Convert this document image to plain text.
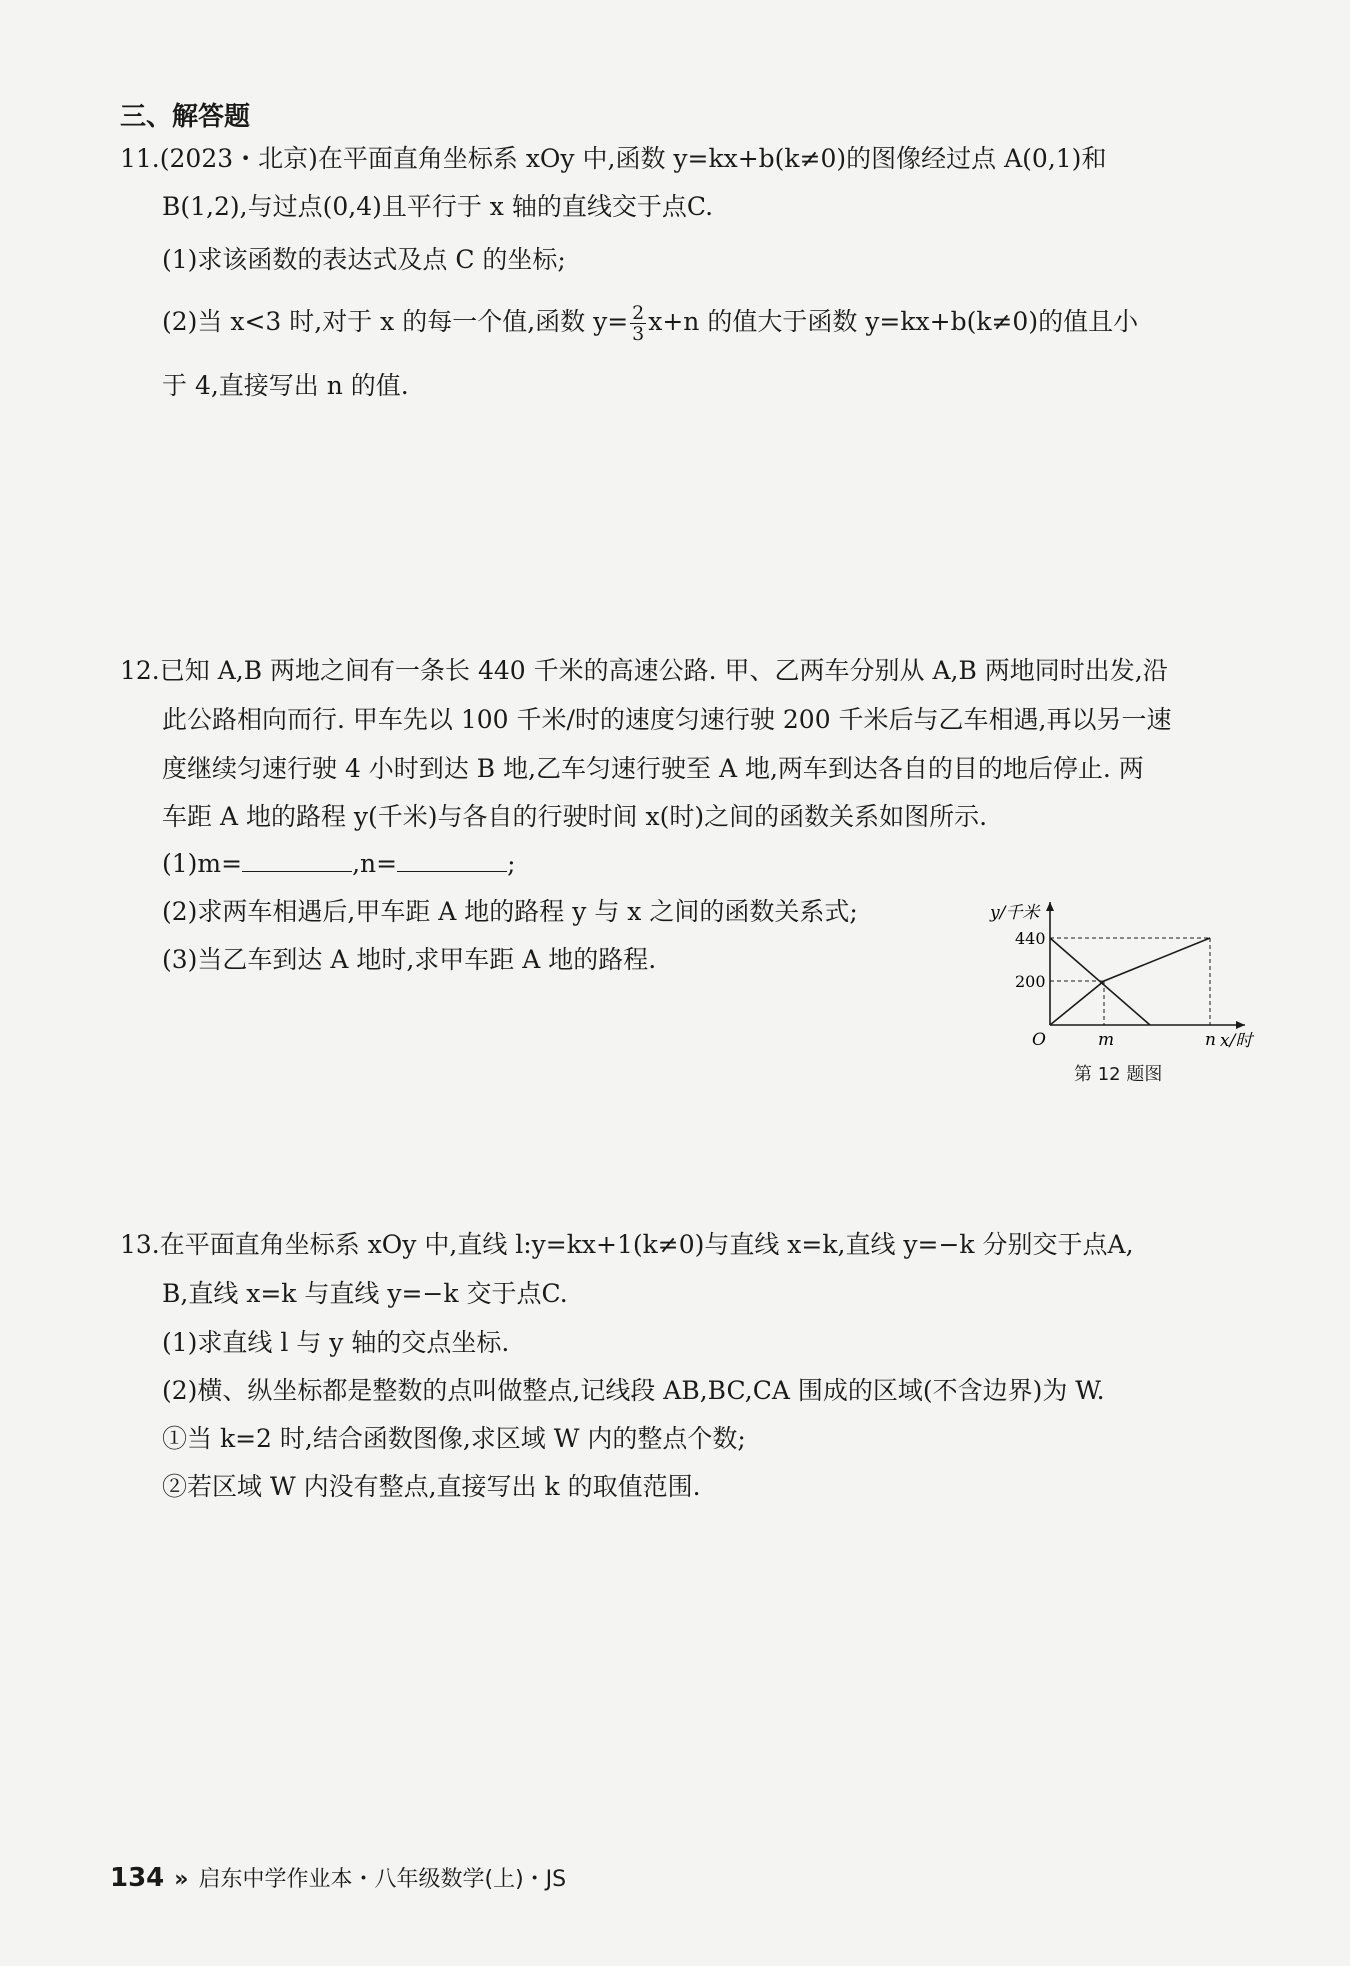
三、解答题
11.(2023・北京)在平面直角坐标系 xOy 中,函数 y=kx+b(k≠0)的图像经过点 A(0,1)和
B(1,2),与过点(0,4)且平行于 x 轴的直线交于点C.
(1)求该函数的表达式及点 C 的坐标;
(2)当 x<3 时,对于 x 的每一个值,函数 $y= \frac{2}{3} x+n$ 的值大于函数 y=kx+b(k≠0)的值且小
于 4,直接写出 n 的值.
12.已知 A,B 两地之间有一条长 440 千米的高速公路. 甲、乙两车分别从 A,B 两地同时出发,沿
此公路相向而行. 甲车先以 100 千米/时的速度匀速行驶 200 千米后与乙车相遇,再以另一速
度继续匀速行驶 4 小时到达 B 地,乙车匀速行驶至 A 地,两车到达各自的目的地后停止. 两
车距 A 地的路程 y(千米)与各自的行驶时间 x(时)之间的函数关系如图所示.
(1)m=	,n=	;
(2)求两车相遇后,甲车距 A 地的路程 y 与 x 之间的函数关系式;
(3)当乙车到达 A 地时,求甲车距 A 地的路程.
y/千米
x/时
O
440
200
m	n
第 12 题图
13.在平面直角坐标系 xOy 中,直线 l:y=kx+1(k≠0)与直线 x=k,直线 y=−k 分别交于点A,
B,直线 x=k 与直线 y=−k 交于点C.
(1)求直线 l 与 y 轴的交点坐标.
(2)横、纵坐标都是整数的点叫做整点,记线段 AB,BC,CA 围成的区域(不含边界)为 W.
①当 k=2 时,结合函数图像,求区域 W 内的整点个数;
②若区域 W 内没有整点,直接写出 k 的取值范围.
134 » 启东中学作业本・八年级数学(上)・JS
